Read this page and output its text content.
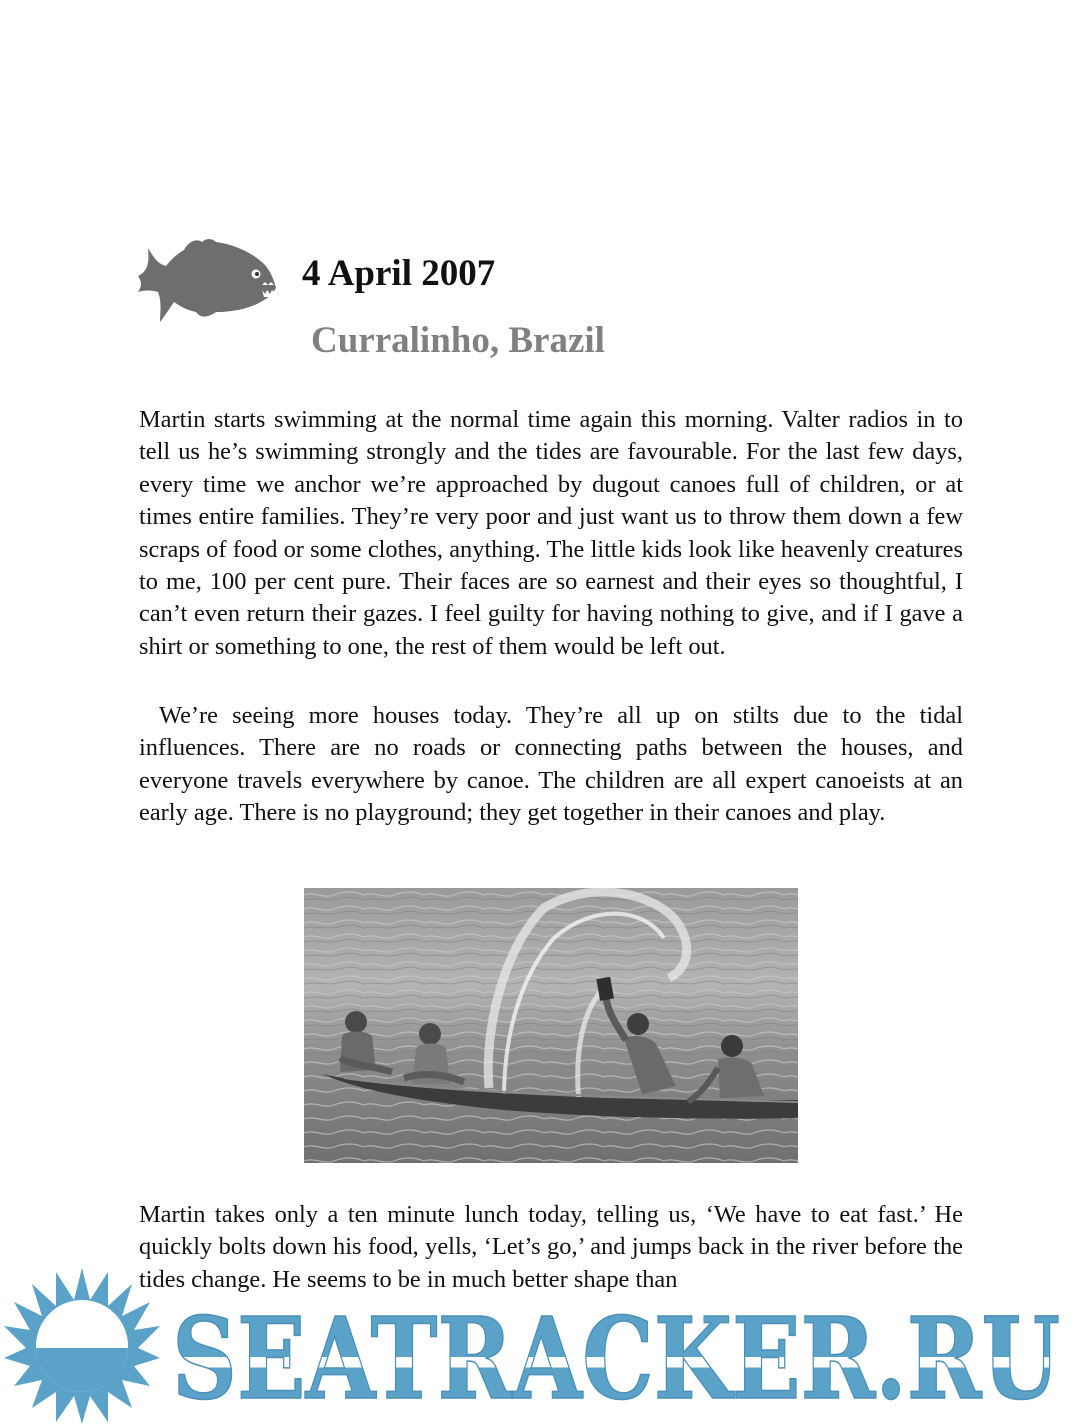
4 April 2007
Curralinho, Brazil

Martin starts swimming at the normal time again this morning. Valter radios in to tell us he’s swimming strongly and the tides are favourable. For the last few days, every time we anchor we’re approached by dugout canoes full of children, or at times entire families. They’re very poor and just want us to throw them down a few scraps of food or some clothes, anything. The little kids look like heavenly creatures to me, 100 per cent pure. Their faces are so earnest and their eyes so thoughtful, I can’t even return their gazes. I feel guilty for having nothing to give, and if I gave a shirt or something to one, the rest of them would be left out.

We’re seeing more houses today. They’re all up on stilts due to the tidal influences. There are no roads or connecting paths between the houses, and everyone travels everywhere by canoe. The children are all expert canoeists at an early age. There is no playground; they get together in their canoes and play.

Martin takes only a ten minute lunch today, telling us, ‘We have to eat fast.’ He quickly bolts down his food, yells, ‘Let’s go,’ and jumps back in the river before the tides change. He seems to be in much better shape than

SEATRACKER.RU
